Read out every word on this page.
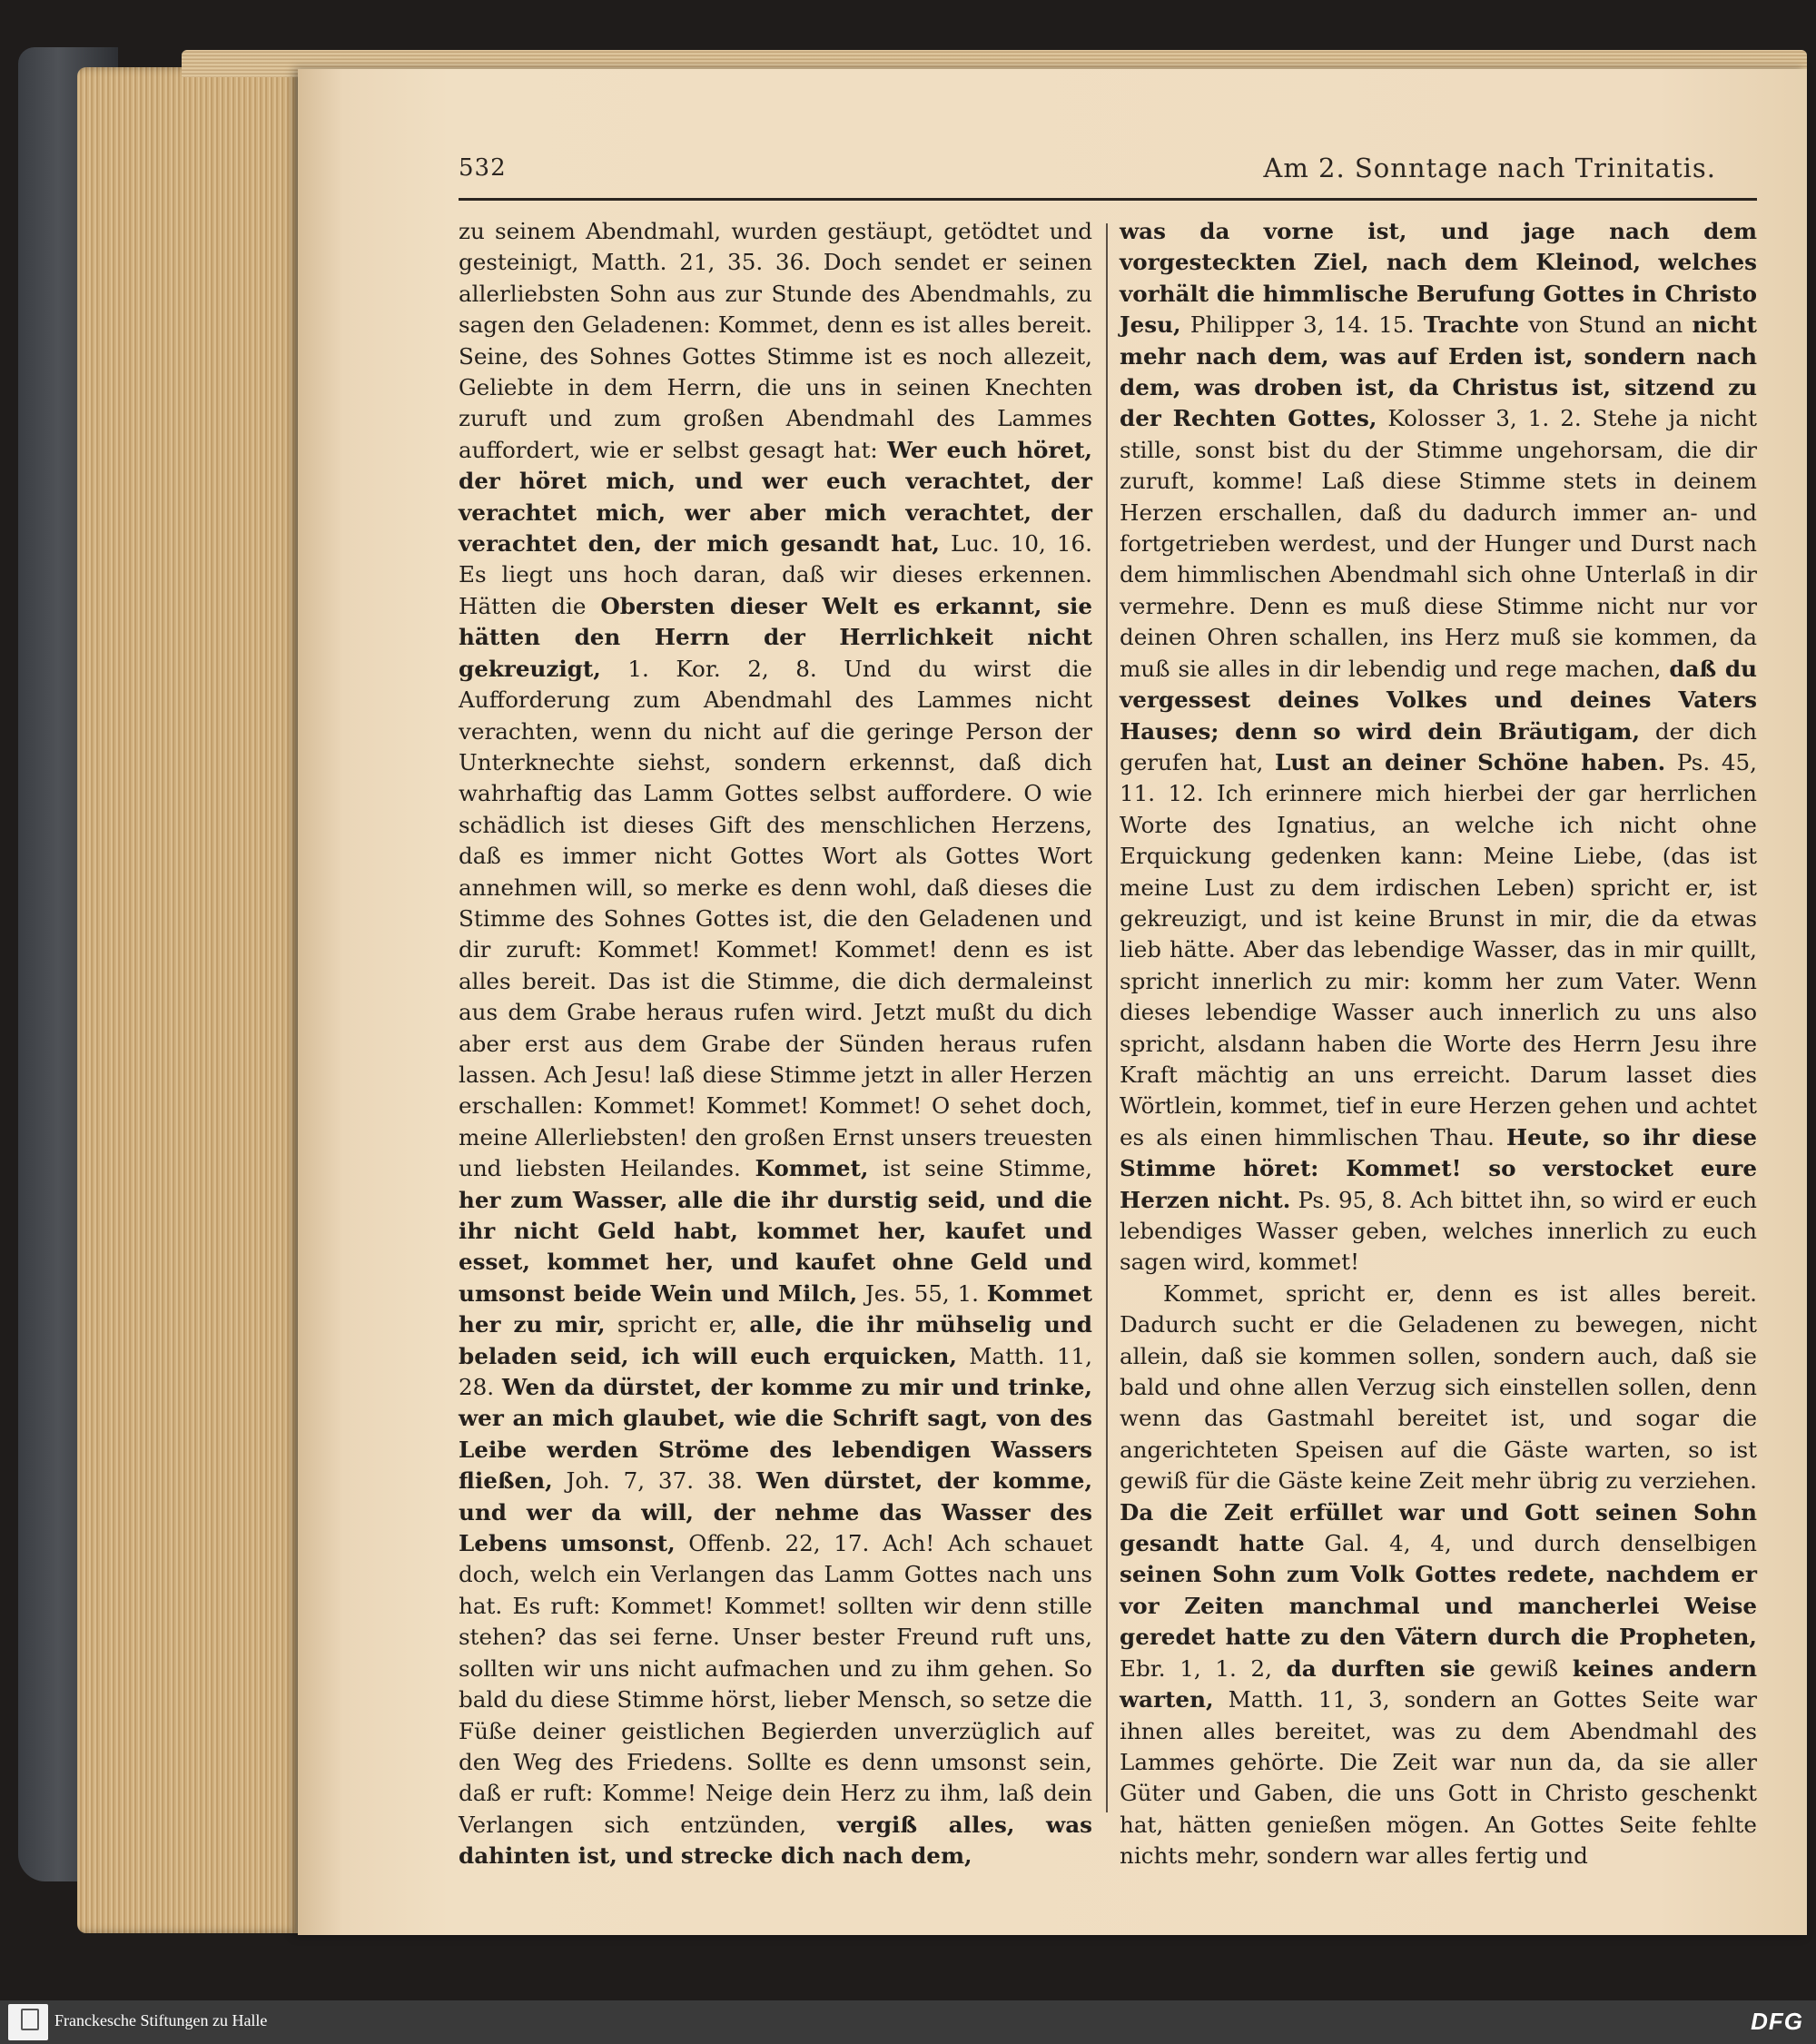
532	Am 2. Sonntage nach Trinitatis.

zu seinem Abendmahl, wurden gestäupt, getödtet und gesteinigt, Matth. 21, 35. 36. Doch sendet er seinen allerliebsten Sohn aus zur Stunde des Abendmahls, zu sagen den Geladenen: Kommet, denn es ist alles bereit. Seine, des Sohnes Gottes Stimme ist es noch allezeit, Geliebte in dem Herrn, die uns in seinen Knechten zuruft und zum großen Abendmahl des Lammes auffordert, wie er selbst gesagt hat: Wer euch höret, der höret mich, und wer euch verachtet, der verachtet mich, wer aber mich verachtet, der verachtet den, der mich gesandt hat, Luc. 10, 16. Es liegt uns hoch daran, daß wir dieses erkennen. Hätten die Obersten dieser Welt es erkannt, sie hätten den Herrn der Herrlichkeit nicht gekreuzigt, 1. Kor. 2, 8. Und du wirst die Aufforderung zum Abendmahl des Lammes nicht verachten, wenn du nicht auf die geringe Person der Unterknechte siehst, sondern erkennst, daß dich wahrhaftig das Lamm Gottes selbst auffordere. O wie schädlich ist dieses Gift des menschlichen Herzens, daß es immer nicht Gottes Wort als Gottes Wort annehmen will, so merke es denn wohl, daß dieses die Stimme des Sohnes Gottes ist, die den Geladenen und dir zuruft: Kommet! Kommet! Kommet! denn es ist alles bereit. Das ist die Stimme, die dich dermaleinst aus dem Grabe heraus rufen wird. Jetzt mußt du dich aber erst aus dem Grabe der Sünden heraus rufen lassen. Ach Jesu! laß diese Stimme jetzt in aller Herzen erschallen: Kommet! Kommet! Kommet! O sehet doch, meine Allerliebsten! den großen Ernst unsers treuesten und liebsten Heilandes. Kommet, ist seine Stimme, her zum Wasser, alle die ihr durstig seid, und die ihr nicht Geld habt, kommet her, kaufet und esset, kommet her, und kaufet ohne Geld und umsonst beide Wein und Milch, Jes. 55, 1. Kommet her zu mir, spricht er, alle, die ihr mühselig und beladen seid, ich will euch erquicken, Matth. 11, 28. Wen da dürstet, der komme zu mir und trinke, wer an mich glaubet, wie die Schrift sagt, von des Leibe werden Ströme des lebendigen Wassers fließen, Joh. 7, 37. 38. Wen dürstet, der komme, und wer da will, der nehme das Wasser des Lebens umsonst, Offenb. 22, 17. Ach! Ach schauet doch, welch ein Verlangen das Lamm Gottes nach uns hat. Es ruft: Kommet! Kommet! sollten wir denn stille stehen? das sei ferne. Unser bester Freund ruft uns, sollten wir uns nicht aufmachen und zu ihm gehen. So bald du diese Stimme hörst, lieber Mensch, so setze die Füße deiner geistlichen Begierden unverzüglich auf den Weg des Friedens. Sollte es denn umsonst sein, daß er ruft: Komme! Neige dein Herz zu ihm, laß dein Verlangen sich entzünden, vergiß alles, was dahinten ist, und strecke dich nach dem,

was da vorne ist, und jage nach dem vorgesteckten Ziel, nach dem Kleinod, welches vorhält die himmlische Berufung Gottes in Christo Jesu, Philipper 3, 14. 15. Trachte von Stund an nicht mehr nach dem, was auf Erden ist, sondern nach dem, was droben ist, da Christus ist, sitzend zu der Rechten Gottes, Kolosser 3, 1. 2. Stehe ja nicht stille, sonst bist du der Stimme ungehorsam, die dir zuruft, komme! Laß diese Stimme stets in deinem Herzen erschallen, daß du dadurch immer an- und fortgetrieben werdest, und der Hunger und Durst nach dem himmlischen Abendmahl sich ohne Unterlaß in dir vermehre. Denn es muß diese Stimme nicht nur vor deinen Ohren schallen, ins Herz muß sie kommen, da muß sie alles in dir lebendig und rege machen, daß du vergessest deines Volkes und deines Vaters Hauses; denn so wird dein Bräutigam, der dich gerufen hat, Lust an deiner Schöne haben. Ps. 45, 11. 12. Ich erinnere mich hierbei der gar herrlichen Worte des Ignatius, an welche ich nicht ohne Erquickung gedenken kann: Meine Liebe, (das ist meine Lust zu dem irdischen Leben) spricht er, ist gekreuzigt, und ist keine Brunst in mir, die da etwas lieb hätte. Aber das lebendige Wasser, das in mir quillt, spricht innerlich zu mir: komm her zum Vater. Wenn dieses lebendige Wasser auch innerlich zu uns also spricht, alsdann haben die Worte des Herrn Jesu ihre Kraft mächtig an uns erreicht. Darum lasset dies Wörtlein, kommet, tief in eure Herzen gehen und achtet es als einen himmlischen Thau. Heute, so ihr diese Stimme höret: Kommet! so verstocket eure Herzen nicht. Ps. 95, 8. Ach bittet ihn, so wird er euch lebendiges Wasser geben, welches innerlich zu euch sagen wird, kommet!

Kommet, spricht er, denn es ist alles bereit. Dadurch sucht er die Geladenen zu bewegen, nicht allein, daß sie kommen sollen, sondern auch, daß sie bald und ohne allen Verzug sich einstellen sollen, denn wenn das Gastmahl bereitet ist, und sogar die angerichteten Speisen auf die Gäste warten, so ist gewiß für die Gäste keine Zeit mehr übrig zu verziehen. Da die Zeit erfüllet war und Gott seinen Sohn gesandt hatte Gal. 4, 4, und durch denselbigen seinen Sohn zum Volk Gottes redete, nachdem er vor Zeiten manchmal und mancherlei Weise geredet hatte zu den Vätern durch die Propheten, Ebr. 1, 1. 2, da durften sie gewiß keines andern warten, Matth. 11, 3, sondern an Gottes Seite war ihnen alles bereitet, was zu dem Abendmahl des Lammes gehörte. Die Zeit war nun da, da sie aller Güter und Gaben, die uns Gott in Christo geschenkt hat, hätten genießen mögen. An Gottes Seite fehlte nichts mehr, sondern war alles fertig und

Franckesche Stiftungen zu Halle	DFG
